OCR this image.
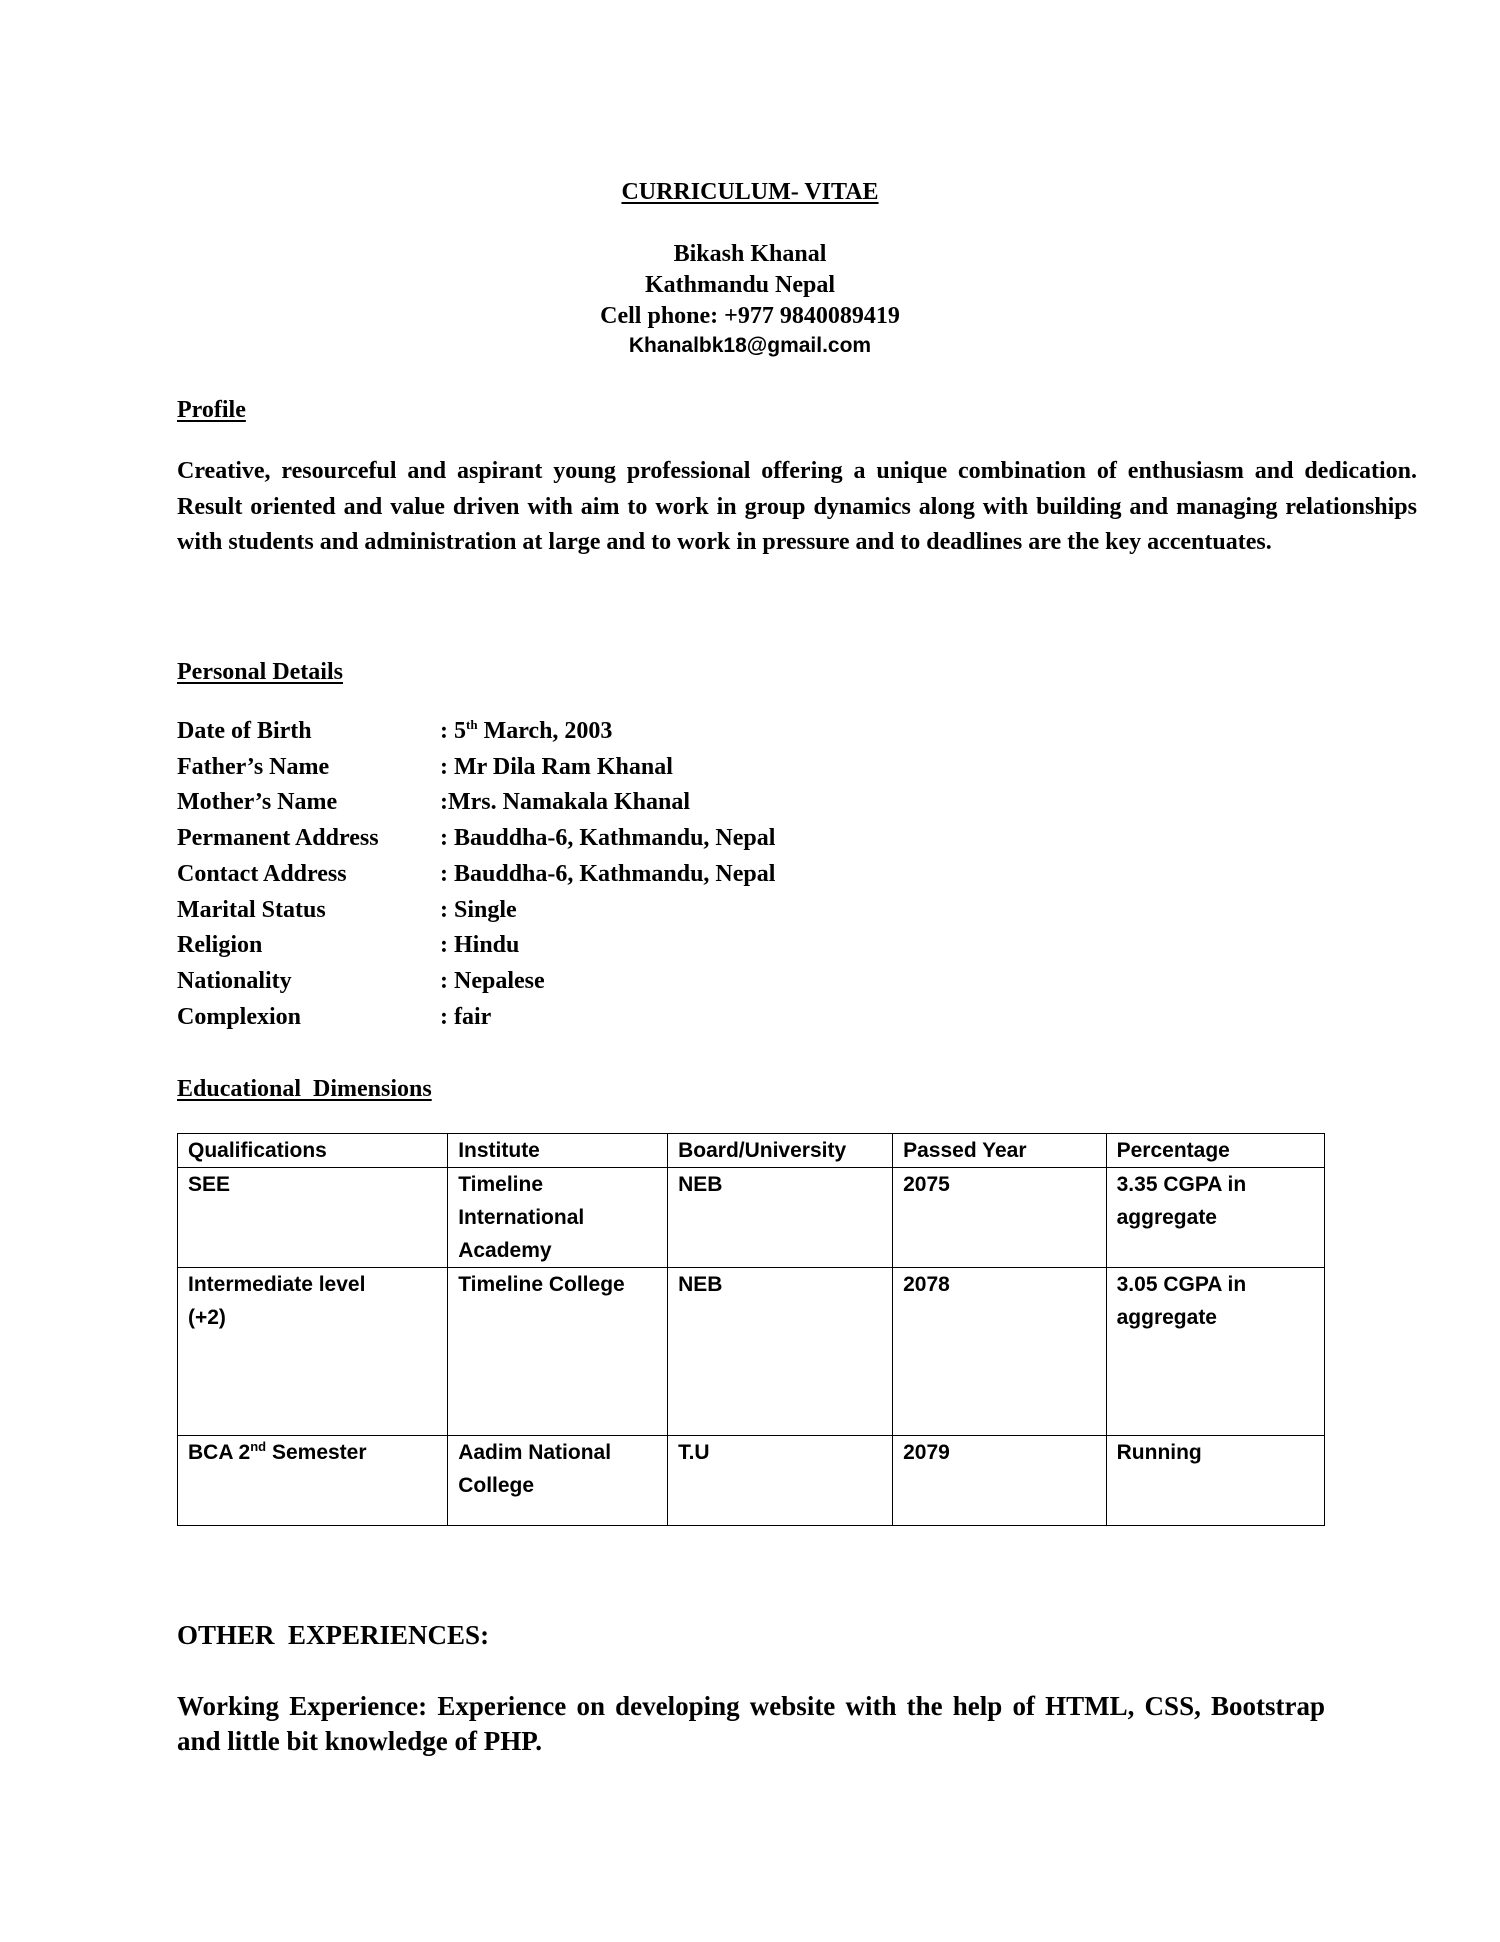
CURRICULUM- VITAE
Bikash Khanal
Kathmandu Nepal
Cell phone: +977 9840089419
Khanalbk18@gmail.com
Profile
Creative, resourceful and aspirant young professional offering a unique combination of enthusiasm and dedication. Result oriented and value driven with aim to work in group dynamics along with building and managing relationships with students and administration at large and to work in pressure and to deadlines are the key accentuates.
Personal Details
Date of Birth	: 5th March, 2003
Father’s Name	: Mr Dila Ram Khanal
Mother’s Name	:Mrs. Namakala Khanal
Permanent Address	: Bauddha-6, Kathmandu, Nepal
Contact Address	: Bauddha-6, Kathmandu, Nepal
Marital Status	: Single
Religion	: Hindu
Nationality	: Nepalese
Complexion	: fair
Educational  Dimensions
Qualifications	Institute	Board/University	Passed Year	Percentage
SEE	Timeline International Academy	NEB	2075	3.35 CGPA in aggregate
Intermediate level (+2)	Timeline College	NEB	2078	3.05 CGPA in aggregate
BCA 2nd Semester	Aadim National College	T.U	2079	Running
OTHER  EXPERIENCES:
Working Experience: Experience on developing website with the help of HTML, CSS, Bootstrap and little bit knowledge of PHP.
